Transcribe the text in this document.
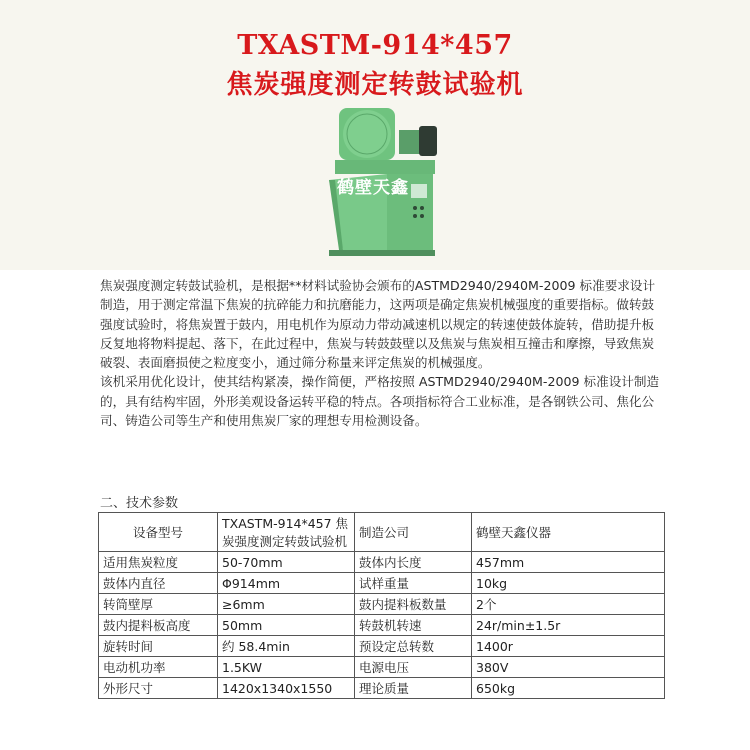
TXASTM-914*457
焦炭强度测定转鼓试验机
鹤壁天鑫

焦炭强度测定转鼓试验机，是根据**材料试验协会颁布的ASTMD2940/2940M-2009 标准要求设计制造，用于测定常温下焦炭的抗碎能力和抗磨能力，这两项是确定焦炭机械强度的重要指标。做转鼓强度试验时，将焦炭置于鼓内，用电机作为原动力带动减速机以规定的转速使鼓体旋转，借助提升板反复地将物料提起、落下，在此过程中，焦炭与转鼓鼓壁以及焦炭与焦炭相互撞击和摩擦，导致焦炭破裂、表面磨损使之粒度变小，通过筛分称量来评定焦炭的机械强度。

该机采用优化设计，使其结构紧凑，操作简便，严格按照 ASTMD2940/2940M-2009 标准设计制造的，具有结构牢固，外形美观设备运转平稳的特点。各项指标符合工业标准，是各钢铁公司、焦化公司、铸造公司等生产和使用焦炭厂家的理想专用检测设备。

二、技术参数
设备型号	TXASTM-914*457 焦炭强度测定转鼓试验机	制造公司	鹤壁天鑫仪器
适用焦炭粒度	50-70mm	鼓体内长度	457mm
鼓体内直径	Φ914mm	试样重量	10kg
转筒壁厚	≥6mm	鼓内提料板数量	2个
鼓内提料板高度	50mm	转鼓机转速	24r/min±1.5r
旋转时间	约 58.4min	预设定总转数	1400r
电动机功率	1.5KW	电源电压	380V
外形尺寸	1420x1340x1550	理论质量	650kg
